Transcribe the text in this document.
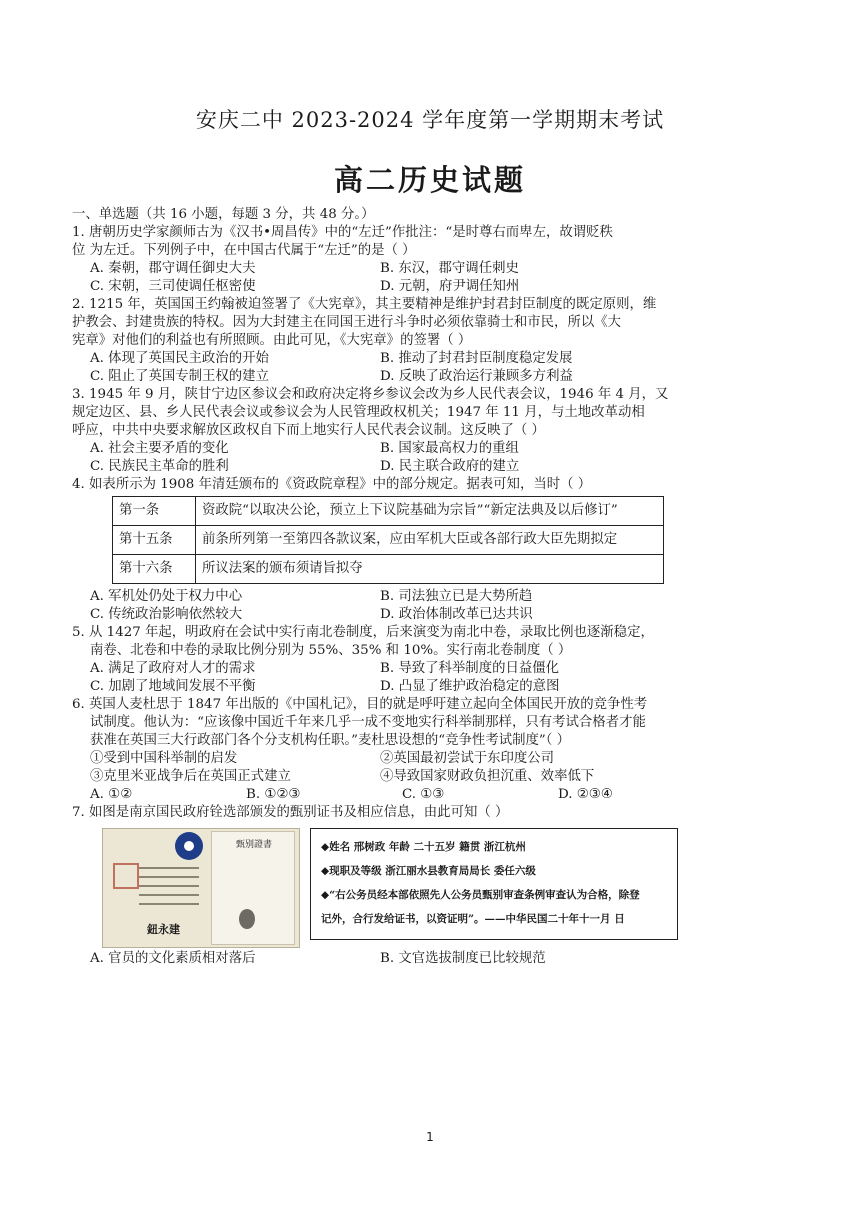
安庆二中 2023-2024 学年度第一学期期末考试
高二历史试题
一、单选题（共 16 小题，每题 3 分，共 48 分。）
1. 唐朝历史学家颜师古为《汉书•周昌传》中的“左迁”作批注：“是时尊右而卑左，故谓贬秩
位 为左迁。下列例子中，在中国古代属于“左迁”的是（ ）
A. 秦朝，郡守调任御史大夫	B. 东汉，郡守调任刺史
C. 宋朝，三司使调任枢密使	D. 元朝，府尹调任知州
2. 1215 年，英国国王约翰被迫签署了《大宪章》，其主要精神是维护封君封臣制度的既定原则，维
护教会、封建贵族的特权。因为大封建主在同国王进行斗争时必须依靠骑士和市民，所以《大
宪章》对他们的利益也有所照顾。由此可见，《大宪章》的签署（ ）
A. 体现了英国民主政治的开始	B. 推动了封君封臣制度稳定发展
C. 阻止了英国专制王权的建立	D. 反映了政治运行兼顾多方利益
3. 1945 年 9 月，陕甘宁边区参议会和政府决定将乡参议会改为乡人民代表会议，1946 年 4 月，又
规定边区、县、乡人民代表会议或参议会为人民管理政权机关；1947 年 11 月，与土地改革动相
呼应，中共中央要求解放区政权自下而上地实行人民代表会议制。这反映了（ ）
A. 社会主要矛盾的变化	B. 国家最高权力的重组
C. 民族民主革命的胜利	D. 民主联合政府的建立
4. 如表所示为 1908 年清廷颁布的《资政院章程》中的部分规定。据表可知，当时（ ）
第一条	资政院“以取决公论，预立上下议院基础为宗旨”“新定法典及以后修订”
第十五条	前条所列第一至第四各款议案，应由军机大臣或各部行政大臣先期拟定
第十六条	所议法案的颁布须请旨拟夺
A. 军机处仍处于权力中心	B. 司法独立已是大势所趋
C. 传统政治影响依然较大	D. 政治体制改革已达共识
5. 从 1427 年起，明政府在会试中实行南北卷制度，后来演变为南北中卷，录取比例也逐渐稳定，
南卷、北卷和中卷的录取比例分别为 55%、35% 和 10%。实行南北卷制度（ ）
A. 满足了政府对人才的需求	B. 导致了科举制度的日益僵化
C. 加剧了地域间发展不平衡	D. 凸显了维护政治稳定的意图
6. 英国人麦杜思于 1847 年出版的《中国札记》，目的就是呼吁建立起向全体国民开放的竞争性考
试制度。他认为：“应该像中国近千年来几乎一成不变地实行科举制那样，只有考试合格者才能
获准在英国三大行政部门各个分支机构任职。”麦杜思设想的“竞争性考试制度”（ ）
①受到中国科举制的启发	②英国最初尝试于东印度公司
③克里米亚战争后在英国正式建立	④导致国家财政负担沉重、效率低下
A. ①②	B. ①②③	C. ①③	D. ②③④
7. 如图是南京国民政府铨选部颁发的甄别证书及相应信息，由此可知（ ）
鈕永建
甄别證書	◆姓名 邢树政 年龄 二十五岁 籍贯 浙江杭州
◆现职及等级 浙江丽水县教育局局长 委任六级
◆“右公务员经本部依照先人公务员甄别审查条例审查认为合格，除登
记外，合行发给证书，以资证明”。——中华民国二十年十一月 日
A. 官员的文化素质相对落后	B. 文官选拔制度已比较规范
1
